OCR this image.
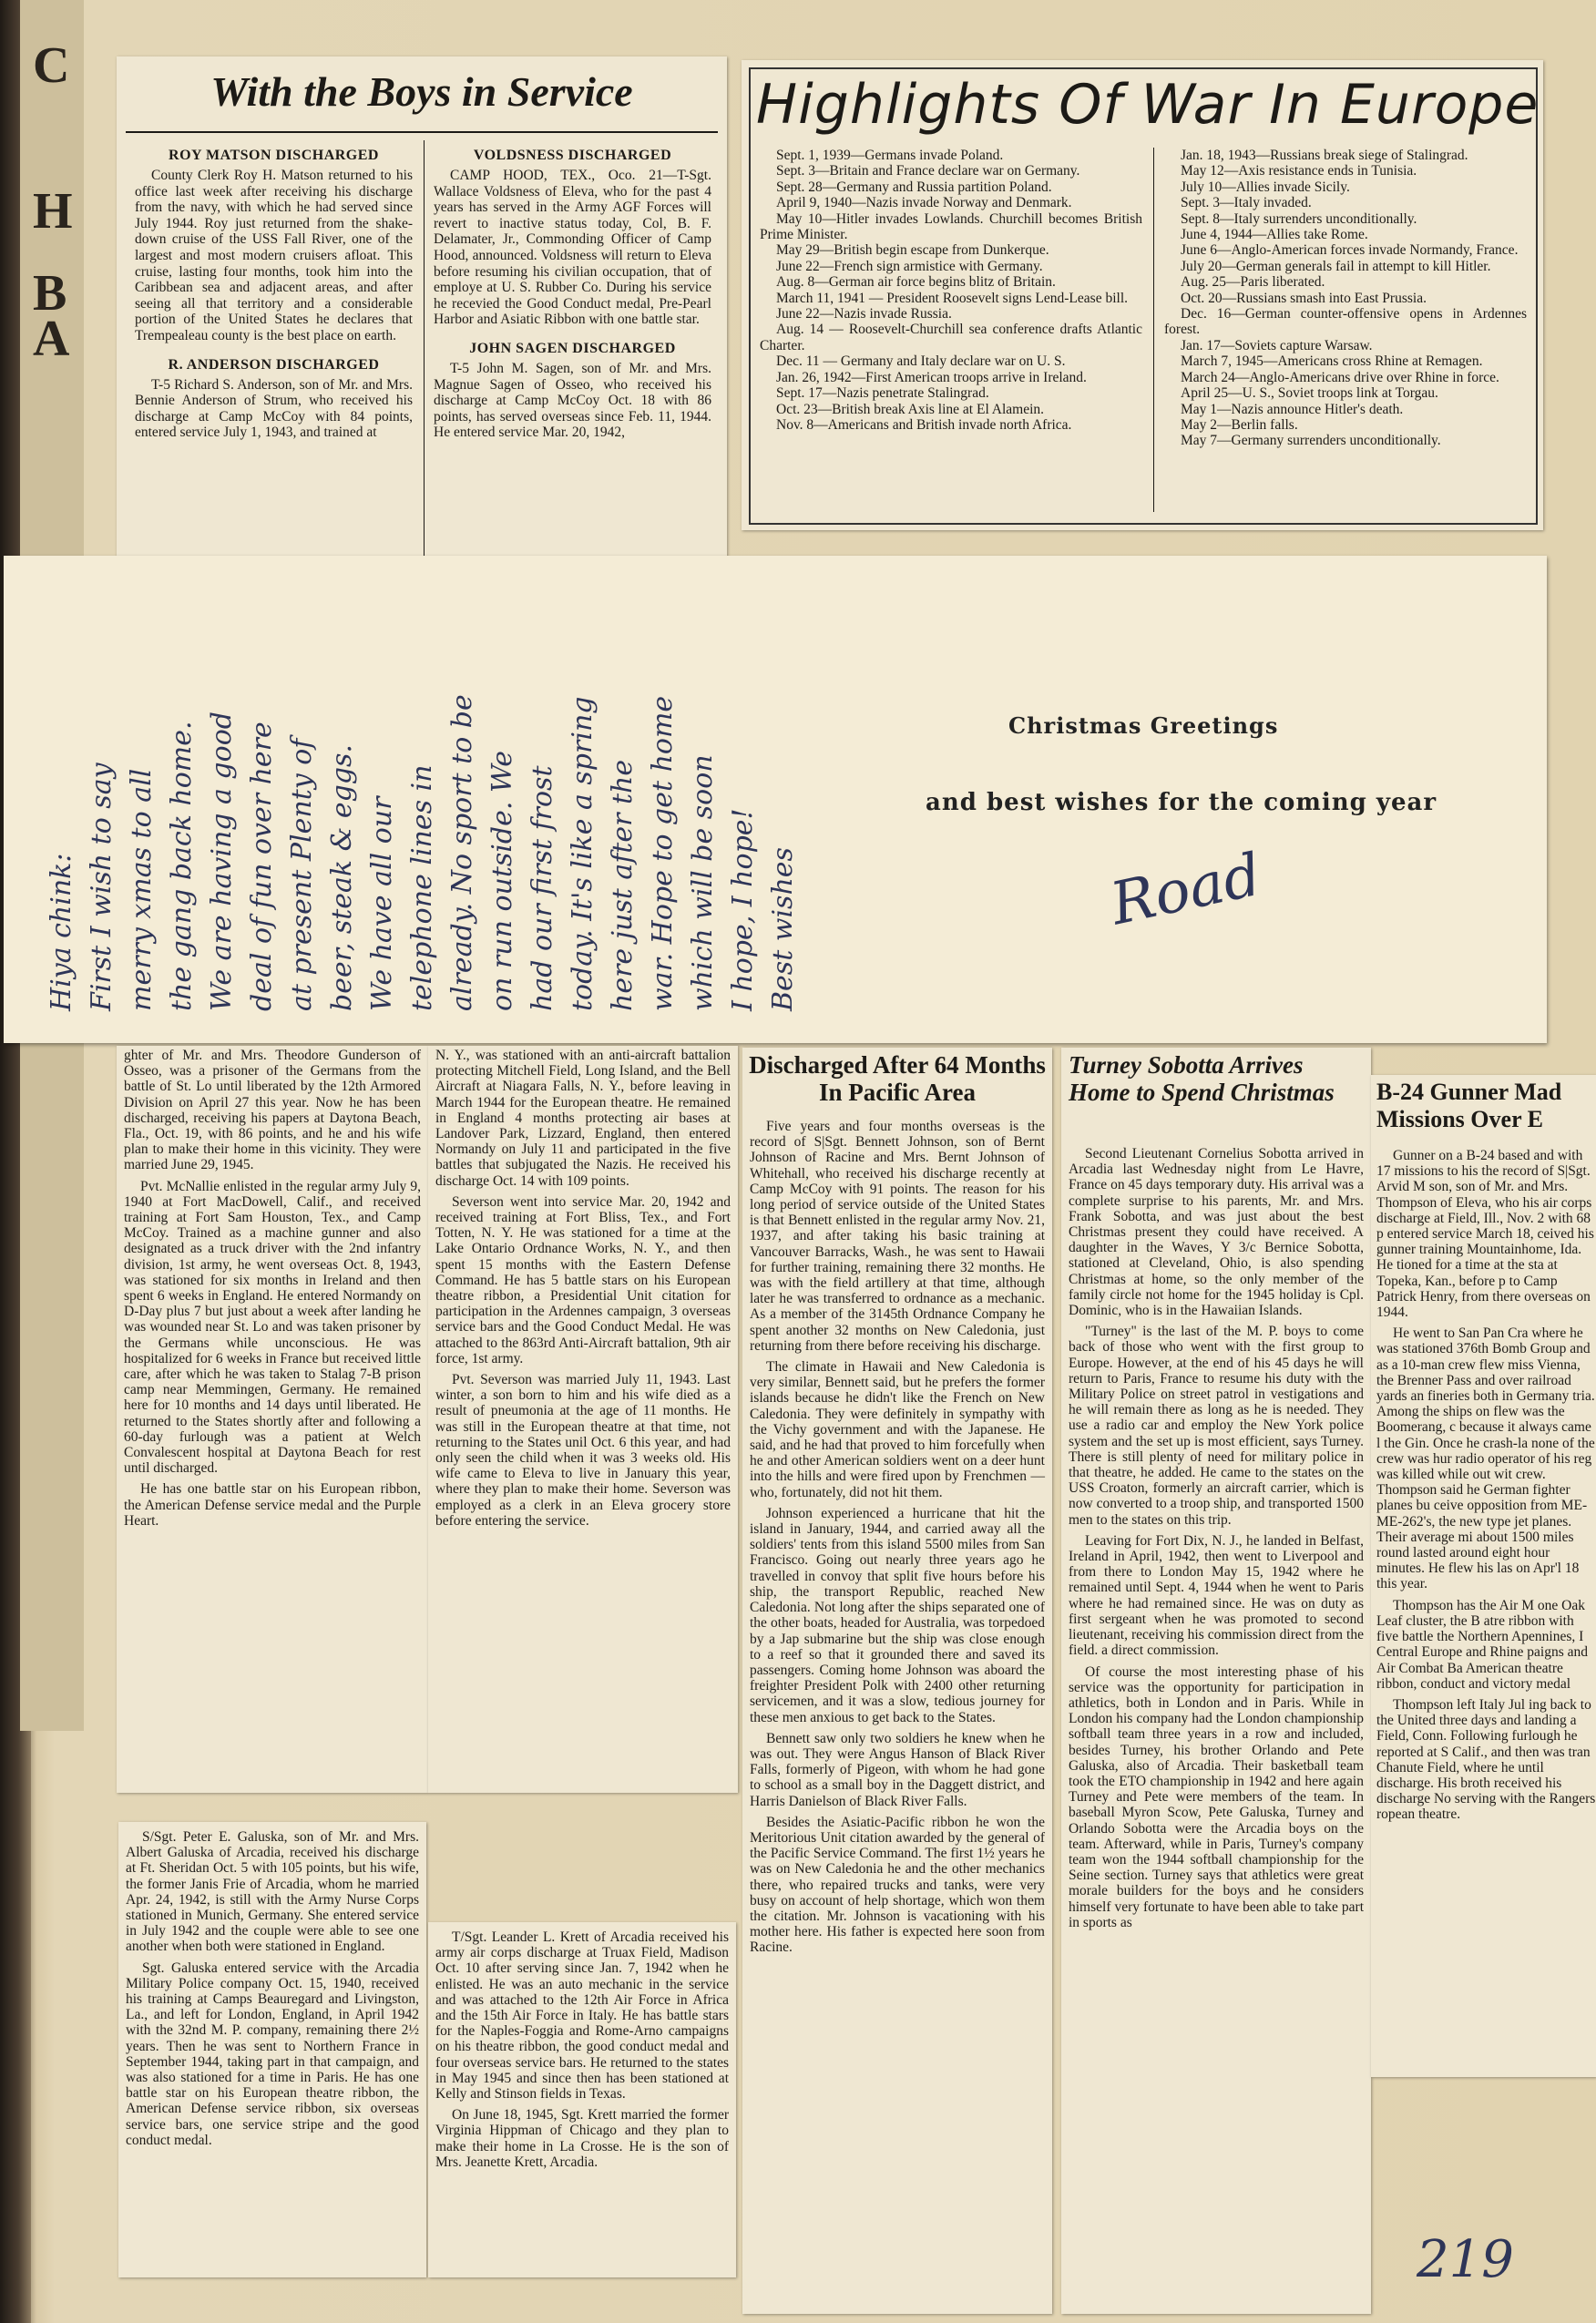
C
H
B
A
With the Boys in Service
ROY MATSON DISCHARGED

County Clerk Roy H. Matson returned to his office last week after receiving his discharge from the navy, with which he had served since July 1944. Roy just returned from the shake-down cruise of the USS Fall River, one of the largest and most modern cruisers afloat. This cruise, lasting four months, took him into the Caribbean sea and adjacent areas, and after seeing all that territory and a considerable portion of the United States he declares that Trempealeau county is the best place on earth.

R. ANDERSON DISCHARGED

T-5 Richard S. Anderson, son of Mr. and Mrs. Bennie Anderson of Strum, who received his discharge at Camp McCoy with 84 points, entered service July 1, 1943, and trained at

VOLDSNESS DISCHARGED

CAMP HOOD, TEX., Oco. 21—T-Sgt. Wallace Voldsness of Eleva, who for the past 4 years has served in the Army AGF Forces will revert to inactive status today, Col, B. F. Delamater, Jr., Commonding Officer of Camp Hood, announced. Voldsness will return to Eleva before resuming his civilian occupation, that of employe at U. S. Rubber Co. During his service he recevied the Good Conduct medal, Pre-Pearl Harbor and Asiatic Ribbon with one battle star.

JOHN SAGEN DISCHARGED

T-5 John M. Sagen, son of Mr. and Mrs. Magnue Sagen of Osseo, who received his discharge at Camp McCoy Oct. 18 with 86 points, has served overseas since Feb. 11, 1944. He entered service Mar. 20, 1942,

Highlights Of War In Europe
Sept. 1, 1939—Germans invade Poland.
Sept. 3—Britain and France declare war on Germany.
Sept. 28—Germany and Russia partition Poland.
April 9, 1940—Nazis invade Norway and Denmark.
May 10—Hitler invades Lowlands. Churchill becomes British Prime Minister.
May 29—British begin escape from Dunkerque.
June 22—French sign armistice with Germany.
Aug. 8—German air force begins blitz of Britain.
March 11, 1941 — President Roosevelt signs Lend-Lease bill.
June 22—Nazis invade Russia.
Aug. 14 — Roosevelt-Churchill sea conference drafts Atlantic Charter.
Dec. 11 — Germany and Italy declare war on U. S.
Jan. 26, 1942—First American troops arrive in Ireland.
Sept. 17—Nazis penetrate Stalingrad.
Oct. 23—British break Axis line at El Alamein.
Nov. 8—Americans and British invade north Africa.
Jan. 18, 1943—Russians break siege of Stalingrad.
May 12—Axis resistance ends in Tunisia.
July 10—Allies invade Sicily.
Sept. 3—Italy invaded.
Sept. 8—Italy surrenders unconditionally.
June 4, 1944—Allies take Rome.
June 6—Anglo-American forces invade Normandy, France.
July 20—German generals fail in attempt to kill Hitler.
Aug. 25—Paris liberated.
Oct. 20—Russians smash into East Prussia.
Dec. 16—German counter-offensive opens in Ardennes forest.
Jan. 17—Soviets capture Warsaw.
March 7, 1945—Americans cross Rhine at Remagen.
March 24—Anglo-Americans drive over Rhine in force.
April 25—U. S., Soviet troops link at Torgau.
May 1—Nazis announce Hitler's death.
May 2—Berlin falls.
May 7—Germany surrenders unconditionally.
Hiya chink: First I wish to say merry xmas to all the gang back home. We are having a good deal of fun over here at present Plenty of beer, steak & eggs. We have all our telephone lines in already. No sport to be on run outside. We had our first frost today. It's like a spring here just after the war. Hope to get home which will be soon I hope, I hope! Best wishes
Christmas Greetings
and best wishes for the coming year
Road

ghter of Mr. and Mrs. Theodore Gunderson of Osseo, was a prisoner of the Germans from the battle of St. Lo until liberated by the 12th Armored Division on April 27 this year. Now he has been discharged, receiving his papers at Daytona Beach, Fla., Oct. 19, with 86 points, and he and his wife plan to make their home in this vicinity. They were married June 29, 1945.

Pvt. McNallie enlisted in the regular army July 9, 1940 at Fort MacDowell, Calif., and received training at Fort Sam Houston, Tex., and Camp McCoy. Trained as a machine gunner and also designated as a truck driver with the 2nd infantry division, 1st army, he went overseas Oct. 8, 1943, was stationed for six months in Ireland and then spent 6 weeks in England. He entered Normandy on D-Day plus 7 but just about a week after landing he was wounded near St. Lo and was taken prisoner by the Germans while unconscious. He was hospitalized for 6 weeks in France but received little care, after which he was taken to Stalag 7-B prison camp near Memmingen, Germany. He remained here for 10 months and 14 days until liberated. He returned to the States shortly after and following a 60-day furlough was a patient at Welch Convalescent hospital at Daytona Beach for rest until discharged.

He has one battle star on his European ribbon, the American Defense service medal and the Purple Heart.

N. Y., was stationed with an anti-aircraft battalion protecting Mitchell Field, Long Island, and the Bell Aircraft at Niagara Falls, N. Y., before leaving in March 1944 for the European theatre. He remained in England 4 months protecting air bases at Landover Park, Lizzard, England, then entered Normandy on July 11 and participated in the five battles that subjugated the Nazis. He received his discharge Oct. 14 with 109 points.

Severson went into service Mar. 20, 1942 and received training at Fort Bliss, Tex., and Fort Totten, N. Y. He was stationed for a time at the Lake Ontario Ordnance Works, N. Y., and then spent 15 months with the Eastern Defense Command. He has 5 battle stars on his European theatre ribbon, a Presidential Unit citation for participation in the Ardennes campaign, 3 overseas service bars and the Good Conduct Medal. He was attached to the 863rd Anti-Aircraft battalion, 9th air force, 1st army.

Pvt. Severson was married July 11, 1943. Last winter, a son born to him and his wife died as a result of pneumonia at the age of 11 months. He was still in the European theatre at that time, not returning to the States unil Oct. 6 this year, and had only seen the child when it was 3 weeks old. His wife came to Eleva to live in January this year, where they plan to make their home. Severson was employed as a clerk in an Eleva grocery store before entering the service.

S/Sgt. Peter E. Galuska, son of Mr. and Mrs. Albert Galuska of Arcadia, received his discharge at Ft. Sheridan Oct. 5 with 105 points, but his wife, the former Janis Frie of Arcadia, whom he married Apr. 24, 1942, is still with the Army Nurse Corps stationed in Munich, Germany. She entered service in July 1942 and the couple were able to see one another when both were stationed in England.

Sgt. Galuska entered service with the Arcadia Military Police company Oct. 15, 1940, received his training at Camps Beauregard and Livingston, La., and left for London, England, in April 1942 with the 32nd M. P. company, remaining there 2½ years. Then he was sent to Northern France in September 1944, taking part in that campaign, and was also stationed for a time in Paris. He has one battle star on his European theatre ribbon, the American Defense service ribbon, six overseas service bars, one service stripe and the good conduct medal.

T/Sgt. Leander L. Krett of Arcadia received his army air corps discharge at Truax Field, Madison Oct. 10 after serving since Jan. 7, 1942 when he enlisted. He was an auto mechanic in the service and was attached to the 12th Air Force in Africa and the 15th Air Force in Italy. He has battle stars for the Naples-Foggia and Rome-Arno campaigns on his theatre ribbon, the good conduct medal and four overseas service bars. He returned to the states in May 1945 and since then has been stationed at Kelly and Stinson fields in Texas.

On June 18, 1945, Sgt. Krett married the former Virginia Hippman of Chicago and they plan to make their home in La Crosse. He is the son of Mrs. Jeanette Krett, Arcadia.

Discharged After 64 Months In Pacific Area

Five years and four months overseas is the record of S|Sgt. Bennett Johnson, son of Bernt Johnson of Racine and Mrs. Bernt Johnson of Whitehall, who received his discharge recently at Camp McCoy with 91 points. The reason for his long period of service outside of the United States is that Bennett enlisted in the regular army Nov. 21, 1937, and after taking his basic training at Vancouver Barracks, Wash., he was sent to Hawaii for further training, remaining there 32 months. He was with the field artillery at that time, although later he was transferred to ordnance as a mechanic. As a member of the 3145th Ordnance Company he spent another 32 months on New Caledonia, just returning from there before receiving his discharge.

The climate in Hawaii and New Caledonia is very similar, Bennett said, but he prefers the former islands because he didn't like the French on New Caledonia. They were definitely in sympathy with the Vichy government and with the Japanese. He said, and he had that proved to him forcefully when he and other American soldiers went on a deer hunt into the hills and were fired upon by Frenchmen — who, fortunately, did not hit them.

Johnson experienced a hurricane that hit the island in January, 1944, and carried away all the soldiers' tents from this island 5500 miles from San Francisco. Going out nearly three years ago he travelled in convoy that split five hours before his ship, the transport Republic, reached New Caledonia. Not long after the ships separated one of the other boats, headed for Australia, was torpedoed by a Jap submarine but the ship was close enough to a reef so that it grounded there and saved its passengers. Coming home Johnson was aboard the freighter President Polk with 2400 other returning servicemen, and it was a slow, tedious journey for these men anxious to get back to the States.

Bennett saw only two soldiers he knew when he was out. They were Angus Hanson of Black River Falls, formerly of Pigeon, with whom he had gone to school as a small boy in the Daggett district, and Harris Danielson of Black River Falls.

Besides the Asiatic-Pacific ribbon he won the Meritorious Unit citation awarded by the general of the Pacific Service Command. The first 1½ years he was on New Caledonia he and the other mechanics there, who repaired trucks and tanks, were very busy on account of help shortage, which won them the citation. Mr. Johnson is vacationing with his mother here. His father is expected here soon from Racine.

Turney Sobotta Arrives Home to Spend Christmas

Second Lieutenant Cornelius Sobotta arrived in Arcadia last Wednesday night from Le Havre, France on 45 days temporary duty. His arrival was a complete surprise to his parents, Mr. and Mrs. Frank Sobotta, and was just about the best Christmas present they could have received. A daughter in the Waves, Y 3/c Bernice Sobotta, stationed at Cleveland, Ohio, is also spending Christmas at home, so the only member of the family circle not home for the 1945 holiday is Cpl. Dominic, who is in the Hawaiian Islands.

"Turney" is the last of the M. P. boys to come back of those who went with the first group to Europe. However, at the end of his 45 days he will return to Paris, France to resume his duty with the Military Police on street patrol in vestigations and he will remain there as long as he is needed. They use a radio car and employ the New York police system and the set up is most efficient, says Turney. There is still plenty of need for military police in that theatre, he added. He came to the states on the USS Croaton, formerly an aircraft carrier, which is now converted to a troop ship, and transported 1500 men to the states on this trip.

Leaving for Fort Dix, N. J., he landed in Belfast, Ireland in April, 1942, then went to Liverpool and from there to London May 15, 1942 where he remained until Sept. 4, 1944 when he went to Paris where he had remained since. He was on duty as first sergeant when he was promoted to second lieutenant, receiving his commission direct from the field. a direct commission.

Of course the most interesting phase of his service was the opportunity for participation in athletics, both in London and in Paris. While in London his company had the London championship softball team three years in a row and included, besides Turney, his brother Orlando and Pete Galuska, also of Arcadia. Their basketball team took the ETO championship in 1942 and here again Turney and Pete were members of the team. In baseball Myron Scow, Pete Galuska, Turney and Orlando Sobotta were the Arcadia boys on the team. Afterward, while in Paris, Turney's company team won the 1944 softball championship for the Seine section. Turney says that athletics were great morale builders for the boys and he considers himself very fortunate to have been able to take part in sports as

B-24 Gunner Mad Missions Over E

Gunner on a B-24 based and with 17 missions to his the record of S|Sgt. Arvid M son, son of Mr. and Mrs. Thompson of Eleva, who his air corps discharge at Field, Ill., Nov. 2 with 68 p entered service March 18, ceived his gunner training Mountainhome, Ida. He tioned for a time at the sta at Topeka, Kan., before p to Camp Patrick Henry, from there overseas on 1944.

He went to San Pan Cra where he was stationed 376th Bomb Group and as a 10-man crew flew miss Vienna, the Brenner Pass and over railroad yards an fineries both in Germany tria. Among the ships on flew was the Boomerang, c because it always came l the Gin. Once he crash-la none of the crew was hur radio operator of his reg was killed while out wit crew. Thompson said he German fighter planes bu ceive opposition from ME- ME-262's, the new type jet planes. Their average mi about 1500 miles round lasted around eight hour minutes. He flew his las on Apr'l 18 this year.

Thompson has the Air M one Oak Leaf cluster, the B atre ribbon with five battle the Northern Apennines, I Central Europe and Rhine paigns and Air Combat Ba American theatre ribbon, conduct and victory medal

Thompson left Italy Jul ing back to the United three days and landing a Field, Conn. Following furlough he reported at S Calif., and then was tran Chanute Field, where he until discharge. His broth received his discharge No serving with the Rangers ropean theatre.

219
